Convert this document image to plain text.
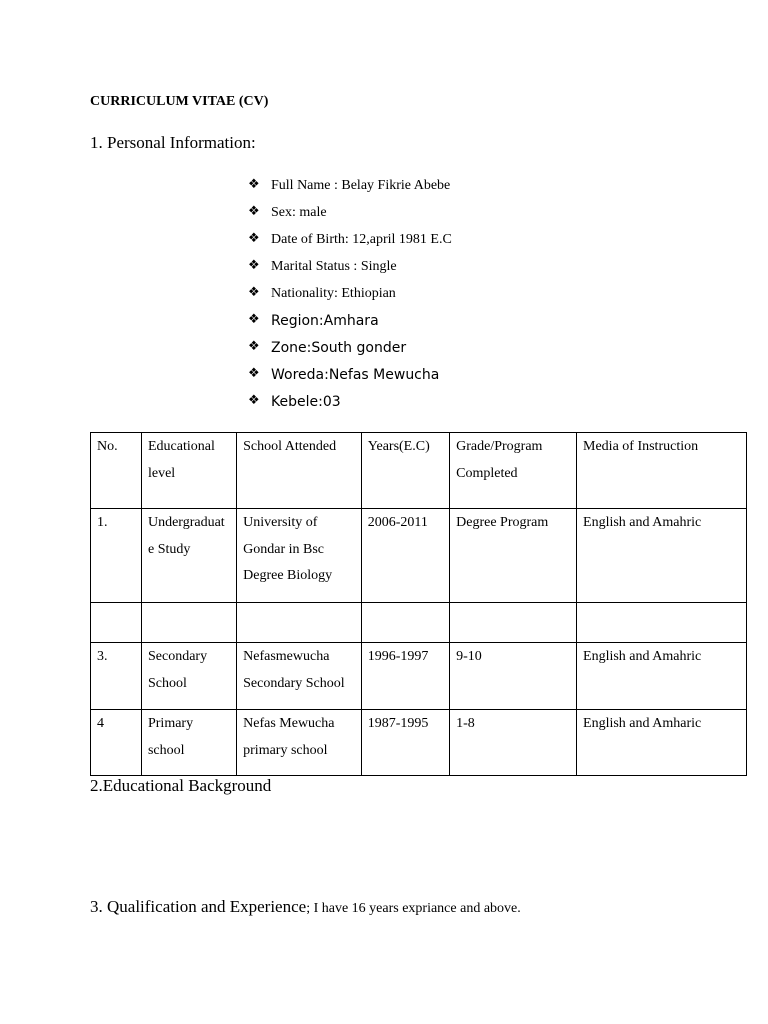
CURRICULUM VITAE (CV)
1. Personal Information:
❖ Full Name : Belay Fikrie Abebe
❖ Sex: male
❖ Date of Birth: 12,april 1981 E.C
❖ Marital Status : Single
❖ Nationality: Ethiopian
❖ Region:Amhara
❖ Zone:South gonder
❖ Woreda:Nefas Mewucha
❖ Kebele:03
No.	Educational level	School Attended	Years(E.C)	Grade/Program Completed	Media of Instruction
1.	Undergraduate Study	University of Gondar in Bsc Degree Biology	2006-2011	Degree Program	English and Amahric

3.	Secondary School	Nefasmewucha Secondary School	1996-1997	9-10	English and Amahric
4	Primary school	Nefas Mewucha primary school	1987-1995	1-8	English and Amharic
2.Educational Background
3. Qualification and Experience; I have 16 years expriance and above.
